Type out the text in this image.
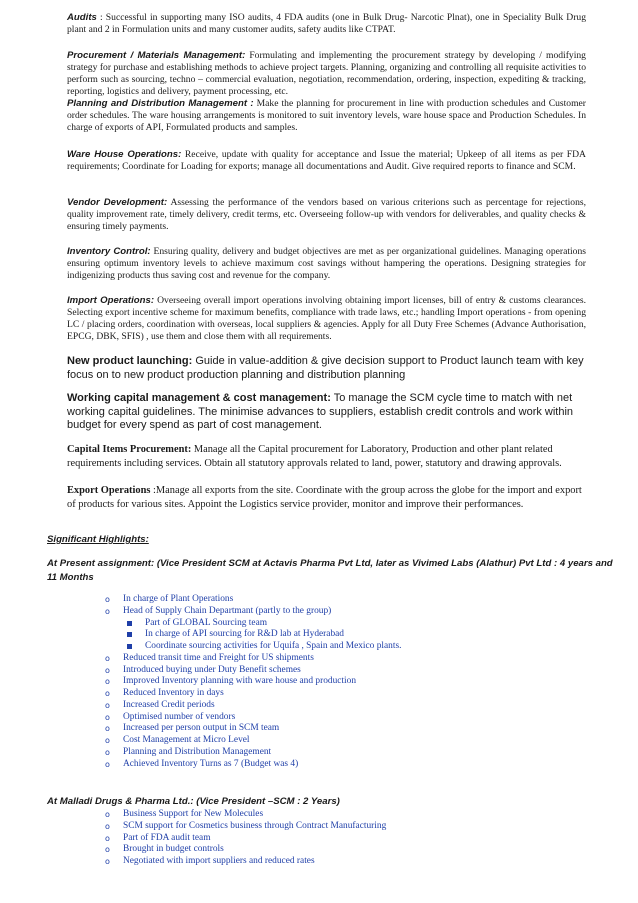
Audits : Successful in supporting many ISO audits, 4 FDA audits (one in Bulk Drug- Narcotic Plnat), one in Speciality Bulk Drug plant and 2 in Formulation units and many customer audits, safety audits like CTPAT.
Procurement / Materials Management: Formulating and implementing the procurement strategy by developing / modifying strategy for purchase and establishing methods to achieve project targets. Planning, organizing and controlling all requisite activities to perform such as sourcing, techno – commercial evaluation, negotiation, recommendation, ordering, inspection, expediting & tracking, reporting, logistics and delivery, payment processing, etc.
Planning and Distribution Management : Make the planning for procurement in line with production schedules and Customer order schedules. The ware housing arrangements is monitored to suit inventory levels, ware house space and Production Schedules. In charge of exports of API, Formulated products and samples.
Ware House Operations: Receive, update with quality for acceptance and Issue the material; Upkeep of all items as per FDA requirements; Coordinate for Loading for exports; manage all documentations and Audit. Give required reports to finance and SCM.
Vendor Development: Assessing the performance of the vendors based on various criterions such as percentage for rejections, quality improvement rate, timely delivery, credit terms, etc. Overseeing follow-up with vendors for deliverables, and quality checks & ensuring timely payments.
Inventory Control: Ensuring quality, delivery and budget objectives are met as per organizational guidelines. Managing operations ensuring optimum inventory levels to achieve maximum cost savings without hampering the operations. Designing strategies for indigenizing products thus saving cost and revenue for the company.
Import Operations: Overseeing overall import operations involving obtaining import licenses, bill of entry & customs clearances. Selecting export incentive scheme for maximum benefits, compliance with trade laws, etc.; handling Import operations - from opening LC / placing orders, coordination with overseas, local suppliers & agencies. Apply for all Duty Free Schemes (Advance Authorisation, EPCG, DBK, SFIS) , use them and close them with all requirements.
New product launching: Guide in value-addition & give decision support to Product launch team with key focus on to new product production planning and distribution planning
Working capital management & cost management: To manage the SCM cycle time to match with net working capital guidelines. The minimise advances to suppliers, establish credit controls and work within budget for every spend as part of cost management.
Capital Items Procurement: Manage all the Capital procurement for Laboratory, Production and other plant related requirements including services. Obtain all statutory approvals related to land, power, statutory and drawing approvals.
Export Operations :Manage all exports from the site. Coordinate with the group across the globe for the import and export of products for various sites. Appoint the Logistics service provider, monitor and improve their performances.
Significant Highlights:
At Present assignment: (Vice President SCM at Actavis Pharma Pvt Ltd, later as Vivimed Labs (Alathur) Pvt Ltd : 4 years and 11 Months
o In charge of Plant Operations
o Head of Supply Chain Departmant (partly to the group)
Part of GLOBAL Sourcing team
In charge of API sourcing for R&D lab at Hyderabad
Coordinate sourcing activities for Uquifa , Spain and Mexico plants.
o Reduced transit time and Freight for US shipments
o Introduced buying under Duty Benefit schemes
o Improved Inventory planning with ware house and production
o Reduced Inventory in days
o Increased Credit periods
o Optimised number of vendors
o Increased per person output in SCM team
o Cost Management at Micro Level
o Planning and Distribution Management
o Achieved Inventory Turns as 7 (Budget was 4)
At Malladi Drugs & Pharma Ltd.: (Vice President –SCM : 2 Years)
o Business Support for New Molecules
o SCM support for Cosmetics business through Contract Manufacturing
o Part of FDA audit team
o Brought in budget controls
o Negotiated with import suppliers and reduced rates
